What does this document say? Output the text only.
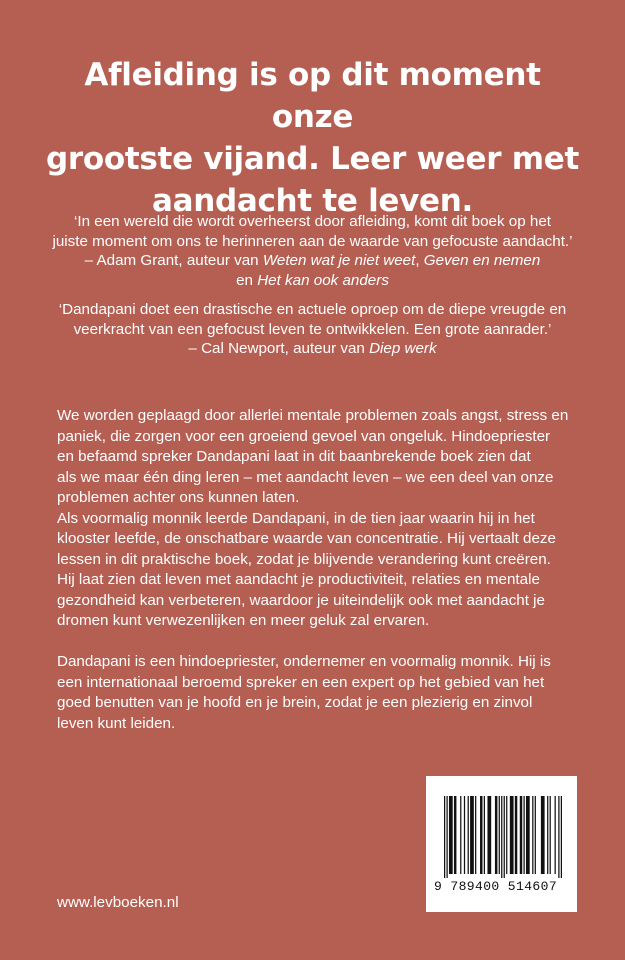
Afleiding is op dit moment onze
grootste vijand. Leer weer met
aandacht te leven.

‘In een wereld die wordt overheerst door afleiding, komt dit boek op het

juiste moment om ons te herinneren aan de waarde van gefocuste aandacht.’

– Adam Grant, auteur van Weten wat je niet weet, Geven en nemen

en Het kan ook anders

‘Dandapani doet een drastische en actuele oproep om de diepe vreugde en

veerkracht van een gefocust leven te ontwikkelen. Een grote aanrader.’

– Cal Newport, auteur van Diep werk

We worden geplaagd door allerlei mentale problemen zoals angst, stress en

paniek, die zorgen voor een groeiend gevoel van ongeluk. Hindoepriester

en befaamd spreker Dandapani laat in dit baanbrekende boek zien dat

als we maar één ding leren – met aandacht leven – we een deel van onze

problemen achter ons kunnen laten.

Als voormalig monnik leerde Dandapani, in de tien jaar waarin hij in het

klooster leefde, de onschatbare waarde van concentratie. Hij vertaalt deze

lessen in dit praktische boek, zodat je blijvende verandering kunt creëren.

Hij laat zien dat leven met aandacht je productiviteit, relaties en mentale

gezondheid kan verbeteren, waardoor je uiteindelijk ook met aandacht je

dromen kunt verwezenlijken en meer geluk zal ervaren.

Dandapani is een hindoepriester, ondernemer en voormalig monnik. Hij is

een internationaal beroemd spreker en een expert op het gebied van het

goed benutten van je hoofd en je brein, zodat je een plezierig en zinvol

leven kunt leiden.

9 789400 514607
www.levboeken.nl
